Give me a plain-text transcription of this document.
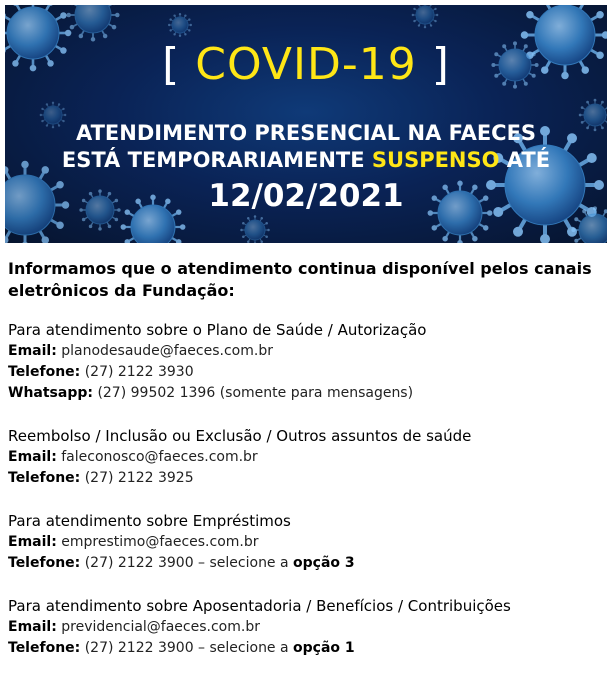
[ COVID-19 ]
ATENDIMENTO PRESENCIAL NA FAECES
ESTÁ TEMPORARIAMENTE SUSPENSO ATÉ
12/02/2021

Informamos que o atendimento continua disponível pelos canais eletrônicos da Fundação:

Para atendimento sobre o Plano de Saúde / Autorização
Email: planodesaude@faeces.com.br
Telefone: (27) 2122 3930
Whatsapp: (27) 99502 1396 (somente para mensagens)
Reembolso / Inclusão ou Exclusão / Outros assuntos de saúde
Email: faleconosco@faeces.com.br
Telefone: (27) 2122 3925
Para atendimento sobre Empréstimos
Email: emprestimo@faeces.com.br
Telefone: (27) 2122 3900 – selecione a opção 3
Para atendimento sobre Aposentadoria / Benefícios / Contribuições
Email: previdencial@faeces.com.br
Telefone: (27) 2122 3900 – selecione a opção 1
